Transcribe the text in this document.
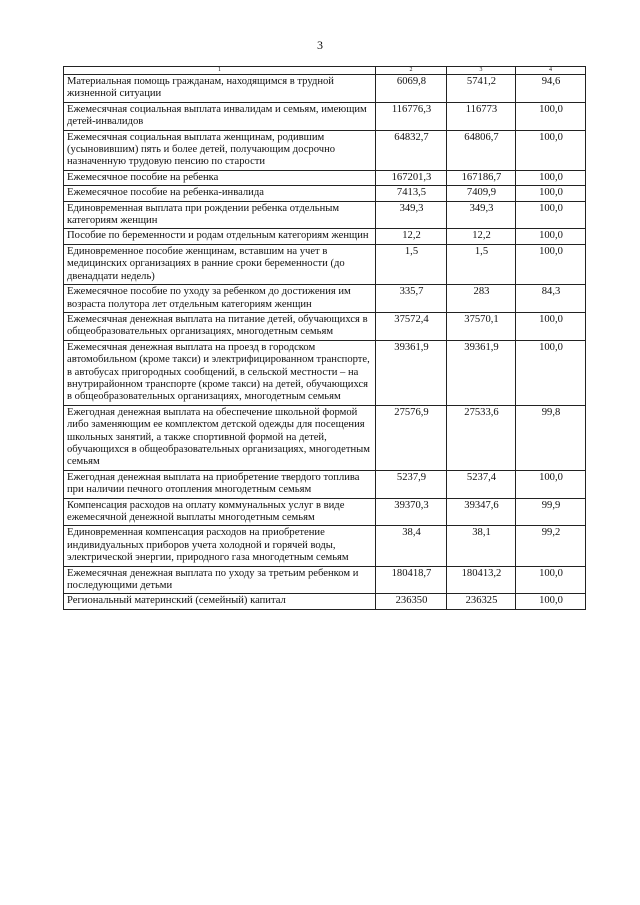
3
1	2	3	4
Материальная помощь гражданам, находящимся в трудной жизненной ситуации	6069,8	5741,2	94,6
Ежемесячная социальная выплата инвалидам и семьям, имеющим детей-инвалидов	116776,3	116773	100,0
Ежемесячная социальная выплата женщинам, родившим (усыновившим) пять и более детей, получающим досрочно назначенную трудовую пенсию по старости	64832,7	64806,7	100,0
Ежемесячное пособие на ребенка	167201,3	167186,7	100,0
Ежемесячное пособие на ребенка-инвалида	7413,5	7409,9	100,0
Единовременная выплата при рождении ребенка отдельным категориям женщин	349,3	349,3	100,0
Пособие по беременности и родам отдельным категориям женщин	12,2	12,2	100,0
Единовременное пособие женщинам, вставшим на учет в медицинских организациях в ранние сроки беременности (до двенадцати недель)	1,5	1,5	100,0
Ежемесячное пособие по уходу за ребенком до достижения им возраста полутора лет отдельным категориям женщин	335,7	283	84,3
Ежемесячная денежная выплата на питание детей, обучающихся в общеобразовательных организациях, многодетным семьям	37572,4	37570,1	100,0
Ежемесячная денежная выплата на проезд в городском автомобильном (кроме такси) и электрифицированном транспорте, в автобусах пригородных сообщений, в сельской местности – на внутрирайонном транспорте (кроме такси) на детей, обучающихся в общеобразовательных организациях, многодетным семьям	39361,9	39361,9	100,0
Ежегодная денежная выплата на обеспечение школьной формой либо заменяющим ее комплектом детской одежды для посещения школьных занятий, а также спортивной формой на детей, обучающихся в общеобразовательных организациях, многодетным семьям	27576,9	27533,6	99,8
Ежегодная денежная выплата на приобретение твердого топлива при наличии печного отопления многодетным семьям	5237,9	5237,4	100,0
Компенсация расходов на оплату коммунальных услуг в виде ежемесячной денежной выплаты многодетным семьям	39370,3	39347,6	99,9
Единовременная компенсация расходов на приобретение индивидуальных приборов учета холодной и горячей воды, электрической энергии, природного газа многодетным семьям	38,4	38,1	99,2
Ежемесячная денежная выплата по уходу за третьим ребенком и последующими детьми	180418,7	180413,2	100,0
Региональный материнский (семейный) капитал	236350	236325	100,0
